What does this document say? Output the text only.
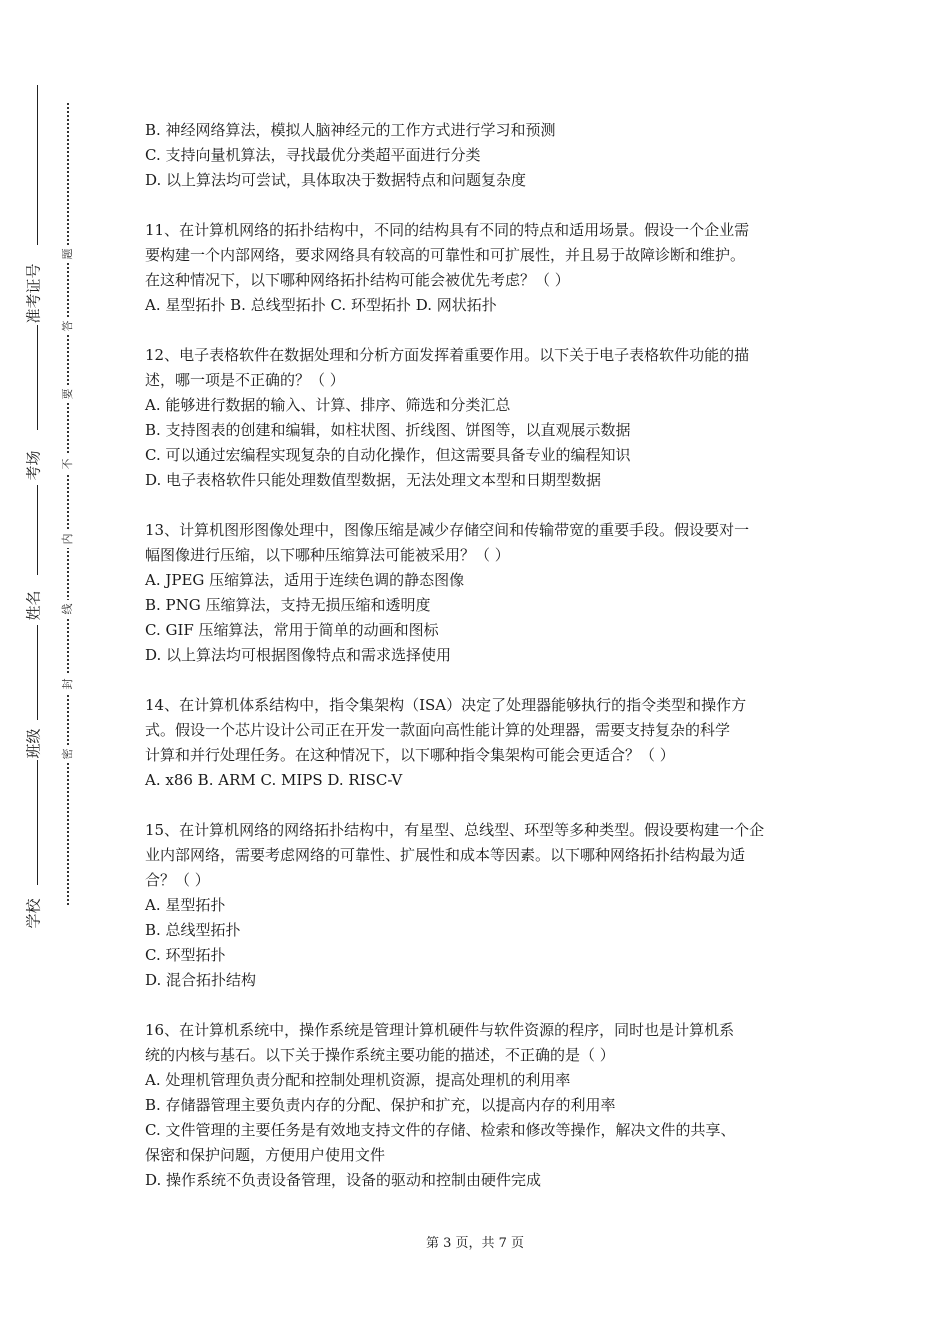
准考证号
考场
姓名
班级
学校
题
答
要
不
内
线
封
密

B. 神经网络算法，模拟人脑神经元的工作方式进行学习和预测

C. 支持向量机算法，寻找最优分类超平面进行分类

D. 以上算法均可尝试，具体取决于数据特点和问题复杂度

11、在计算机网络的拓扑结构中，不同的结构具有不同的特点和适用场景。假设一个企业需

要构建一个内部网络，要求网络具有较高的可靠性和可扩展性，并且易于故障诊断和维护。

在这种情况下，以下哪种网络拓扑结构可能会被优先考虑？（ ）

A. 星型拓扑 B. 总线型拓扑 C. 环型拓扑 D. 网状拓扑

12、电子表格软件在数据处理和分析方面发挥着重要作用。以下关于电子表格软件功能的描

述，哪一项是不正确的？（ ）

A. 能够进行数据的输入、计算、排序、筛选和分类汇总

B. 支持图表的创建和编辑，如柱状图、折线图、饼图等，以直观展示数据

C. 可以通过宏编程实现复杂的自动化操作，但这需要具备专业的编程知识

D. 电子表格软件只能处理数值型数据，无法处理文本型和日期型数据

13、计算机图形图像处理中，图像压缩是减少存储空间和传输带宽的重要手段。假设要对一

幅图像进行压缩，以下哪种压缩算法可能被采用？（ ）

A. JPEG 压缩算法，适用于连续色调的静态图像

B. PNG 压缩算法，支持无损压缩和透明度

C. GIF 压缩算法，常用于简单的动画和图标

D. 以上算法均可根据图像特点和需求选择使用

14、在计算机体系结构中，指令集架构（ISA）决定了处理器能够执行的指令类型和操作方

式。假设一个芯片设计公司正在开发一款面向高性能计算的处理器，需要支持复杂的科学

计算和并行处理任务。在这种情况下，以下哪种指令集架构可能会更适合？（ ）

A. x86 B. ARM C. MIPS D. RISC-V

15、在计算机网络的网络拓扑结构中，有星型、总线型、环型等多种类型。假设要构建一个企

业内部网络，需要考虑网络的可靠性、扩展性和成本等因素。以下哪种网络拓扑结构最为适

合？（ ）

A. 星型拓扑

B. 总线型拓扑

C. 环型拓扑

D. 混合拓扑结构

16、在计算机系统中，操作系统是管理计算机硬件与软件资源的程序，同时也是计算机系

统的内核与基石。以下关于操作系统主要功能的描述，不正确的是（ ）

A. 处理机管理负责分配和控制处理机资源，提高处理机的利用率

B. 存储器管理主要负责内存的分配、保护和扩充，以提高内存的利用率

C. 文件管理的主要任务是有效地支持文件的存储、检索和修改等操作，解决文件的共享、

保密和保护问题，方便用户使用文件

D. 操作系统不负责设备管理，设备的驱动和控制由硬件完成

第 3 页，共 7 页
